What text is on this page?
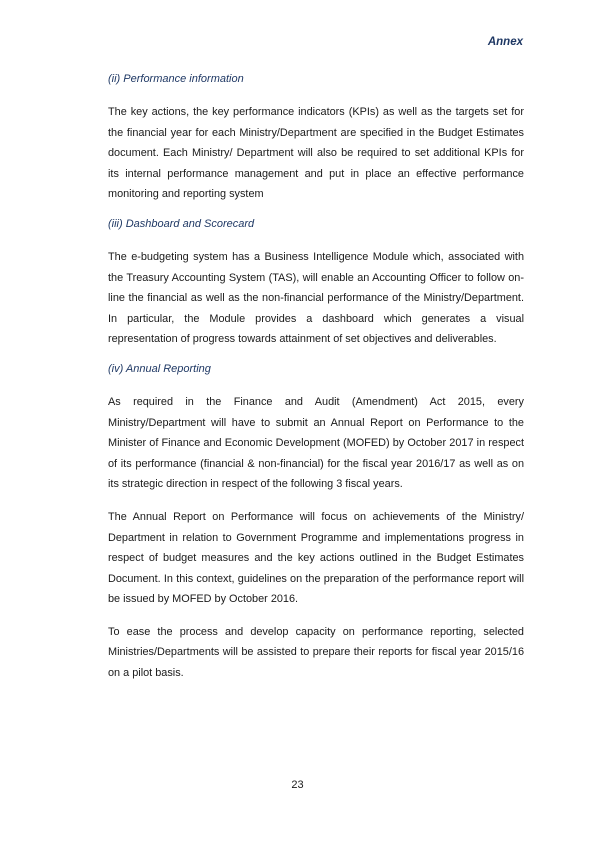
Annex
(ii) Performance information

The key actions, the key performance indicators (KPIs) as well as the targets set for the financial year for each Ministry/Department are specified in the Budget Estimates document. Each Ministry/ Department will also be required to set additional KPIs for its internal performance management and put in place an effective performance monitoring and reporting system

(iii) Dashboard and Scorecard

The e-budgeting system has a Business Intelligence Module which, associated with the Treasury Accounting System (TAS), will enable an Accounting Officer to follow on-line the financial as well as the non-financial performance of the Ministry/Department. In particular, the Module provides a dashboard which generates a visual representation of progress towards attainment of set objectives and deliverables.

(iv) Annual Reporting

As required in the Finance and Audit (Amendment) Act 2015, every Ministry/Department will have to submit an Annual Report on Performance to the Minister of Finance and Economic Development (MOFED) by October 2017 in respect of its performance (financial & non-financial) for the fiscal year 2016/17 as well as on its strategic direction in respect of the following 3 fiscal years.

The Annual Report on Performance will focus on achievements of the Ministry/ Department in relation to Government Programme and implementations progress in respect of budget measures and the key actions outlined in the Budget Estimates Document. In this context, guidelines on the preparation of the performance report will be issued by MOFED by October 2016.

To ease the process and develop capacity on performance reporting, selected Ministries/Departments will be assisted to prepare their reports for fiscal year 2015/16 on a pilot basis.

23
